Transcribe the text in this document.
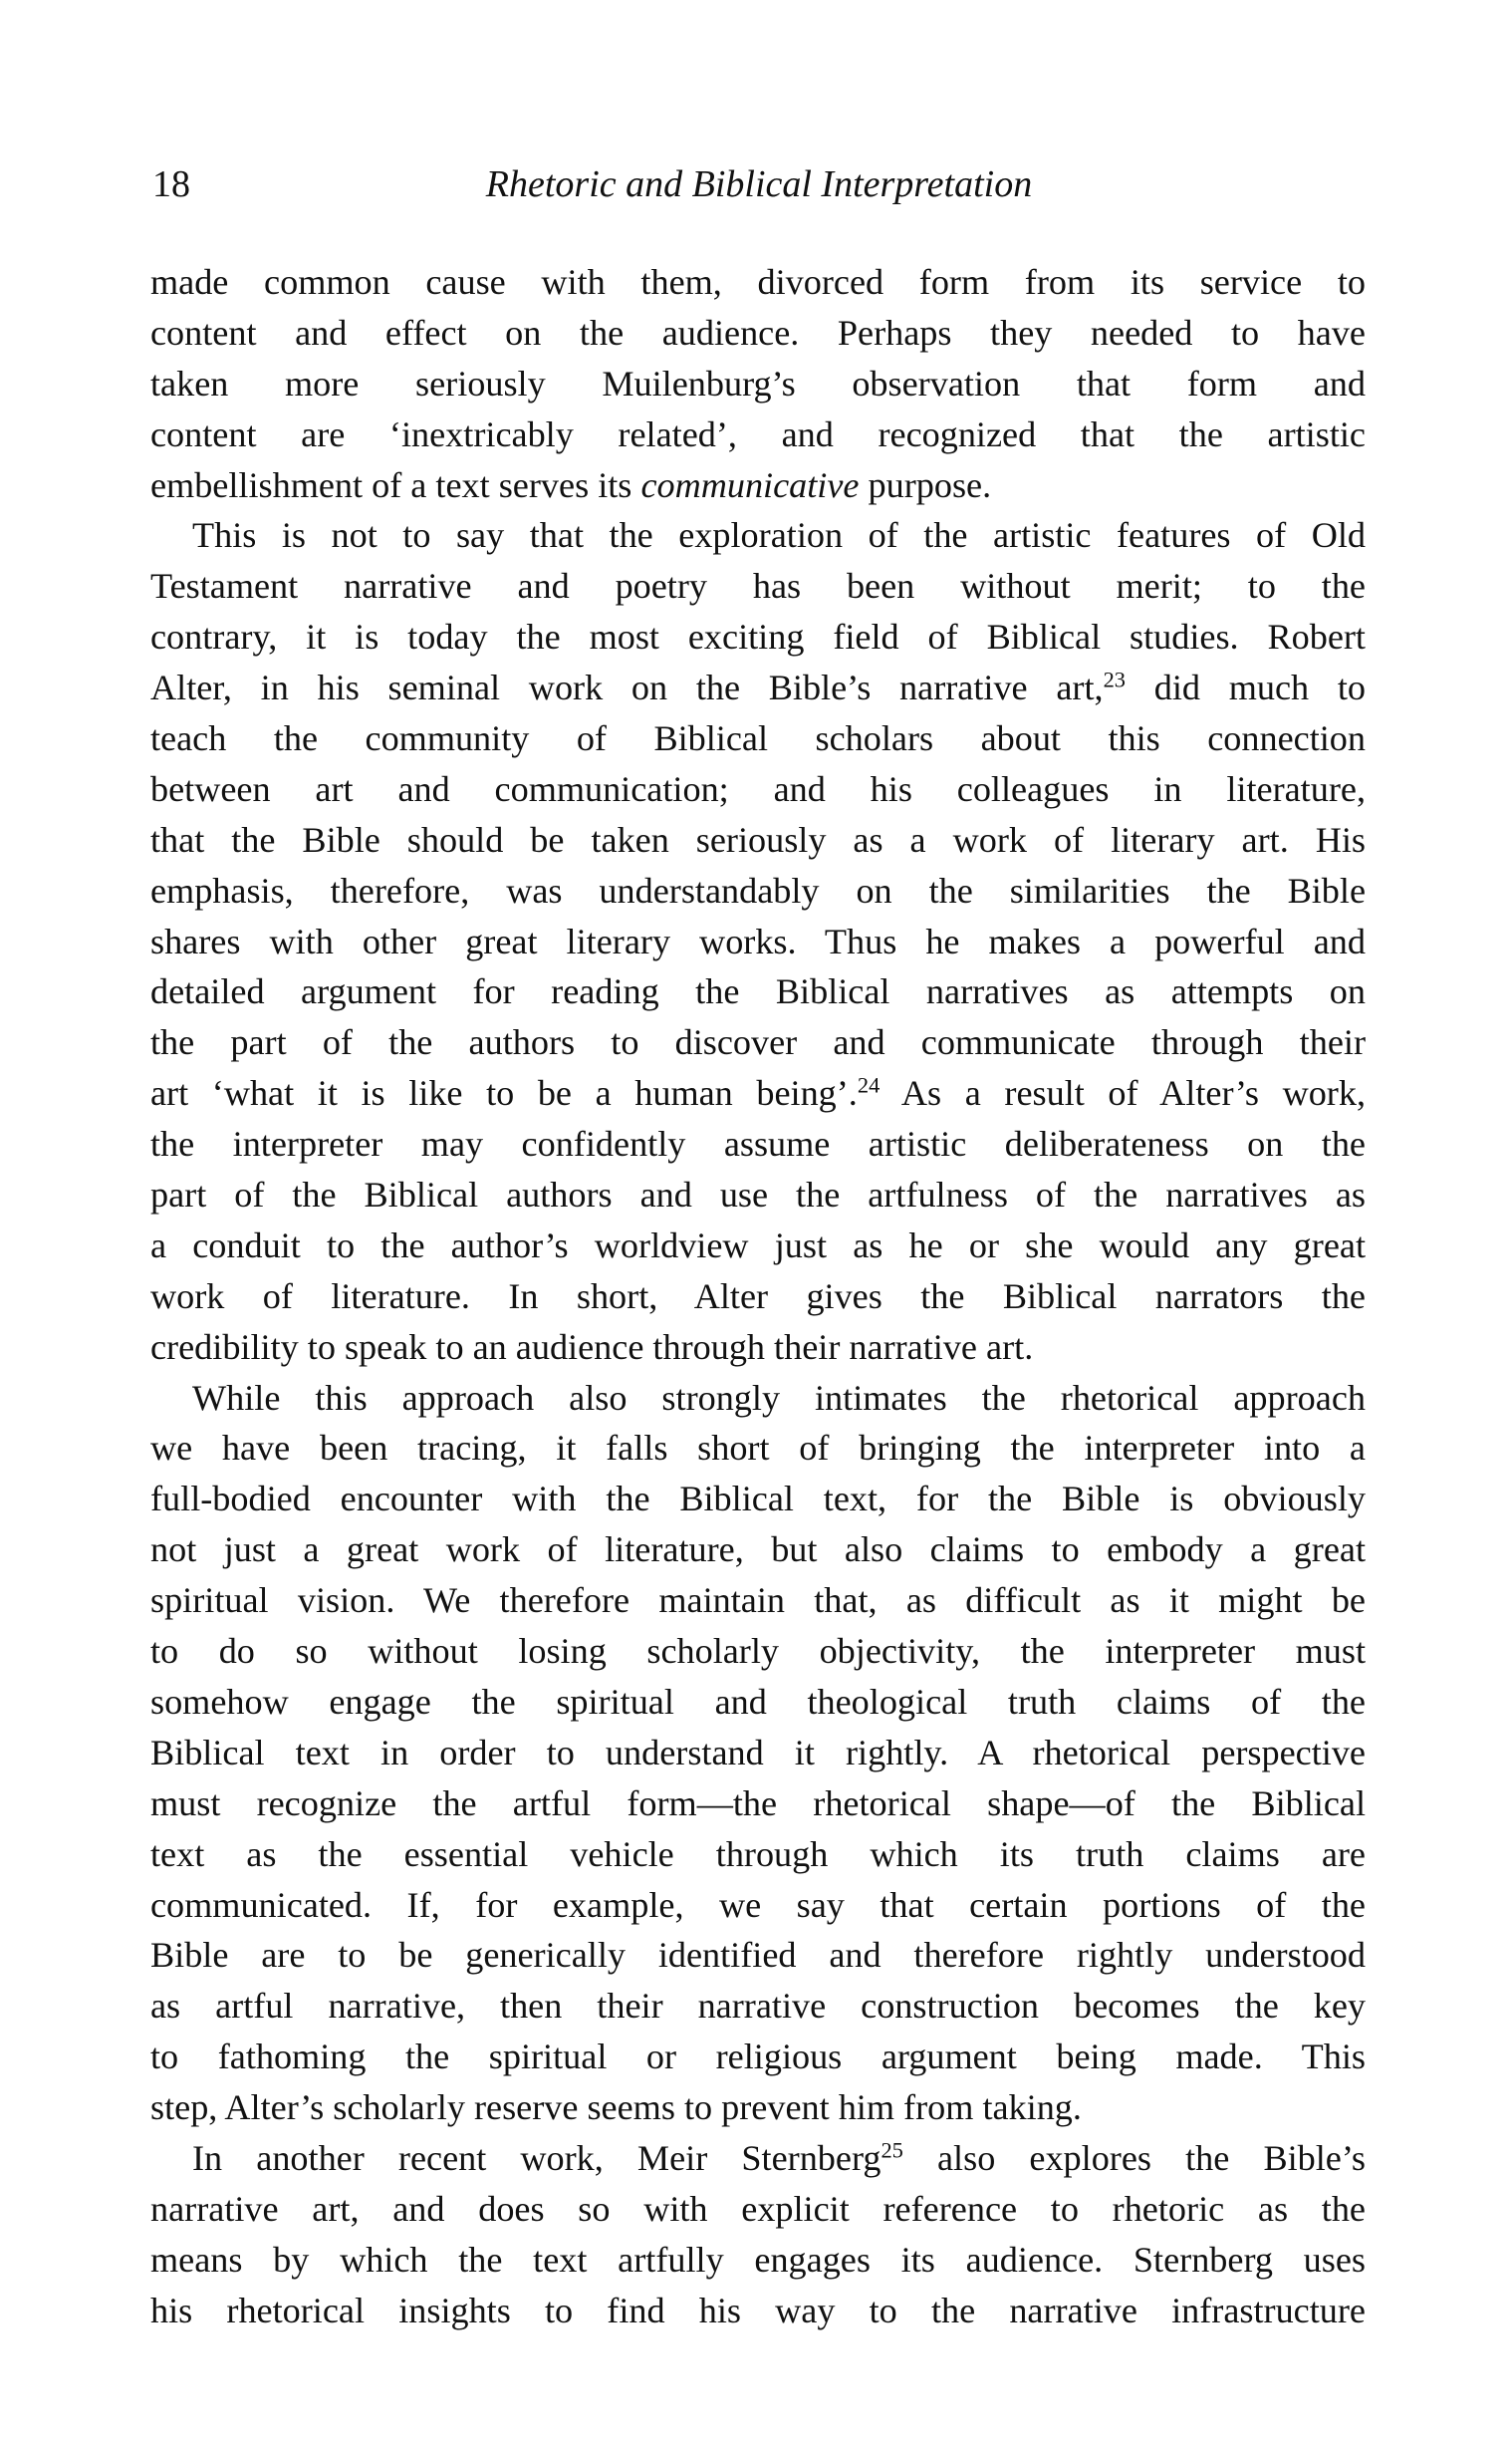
18	Rhetoric and Biblical Interpretation
made common cause with them, divorced form from its service to
content and effect on the audience. Perhaps they needed to have
taken more seriously Muilenburg’s observation that form and
content are ‘inextricably related’, and recognized that the artistic
embellishment of a text serves its communicative purpose.
This is not to say that the exploration of the artistic features of Old
Testament narrative and poetry has been without merit; to the
contrary, it is today the most exciting field of Biblical studies. Robert
Alter, in his seminal work on the Bible’s narrative art,$^{23}$ did much to
teach the community of Biblical scholars about this connection
between art and communication; and his colleagues in literature,
that the Bible should be taken seriously as a work of literary art. His
emphasis, therefore, was understandably on the similarities the Bible
shares with other great literary works. Thus he makes a powerful and
detailed argument for reading the Biblical narratives as attempts on
the part of the authors to discover and communicate through their
art ‘what it is like to be a human being’.$^{24}$ As a result of Alter’s work,
the interpreter may confidently assume artistic deliberateness on the
part of the Biblical authors and use the artfulness of the narratives as
a conduit to the author’s worldview just as he or she would any great
work of literature. In short, Alter gives the Biblical narrators the
credibility to speak to an audience through their narrative art.
While this approach also strongly intimates the rhetorical approach
we have been tracing, it falls short of bringing the interpreter into a
full-bodied encounter with the Biblical text, for the Bible is obviously
not just a great work of literature, but also claims to embody a great
spiritual vision. We therefore maintain that, as difficult as it might be
to do so without losing scholarly objectivity, the interpreter must
somehow engage the spiritual and theological truth claims of the
Biblical text in order to understand it rightly. A rhetorical perspective
must recognize the artful form—the rhetorical shape—of the Biblical
text as the essential vehicle through which its truth claims are
communicated. If, for example, we say that certain portions of the
Bible are to be generically identified and therefore rightly understood
as artful narrative, then their narrative construction becomes the key
to fathoming the spiritual or religious argument being made. This
step, Alter’s scholarly reserve seems to prevent him from taking.
In another recent work, Meir Sternberg$^{25}$ also explores the Bible’s
narrative art, and does so with explicit reference to rhetoric as the
means by which the text artfully engages its audience. Sternberg uses
his rhetorical insights to find his way to the narrative infrastructure
